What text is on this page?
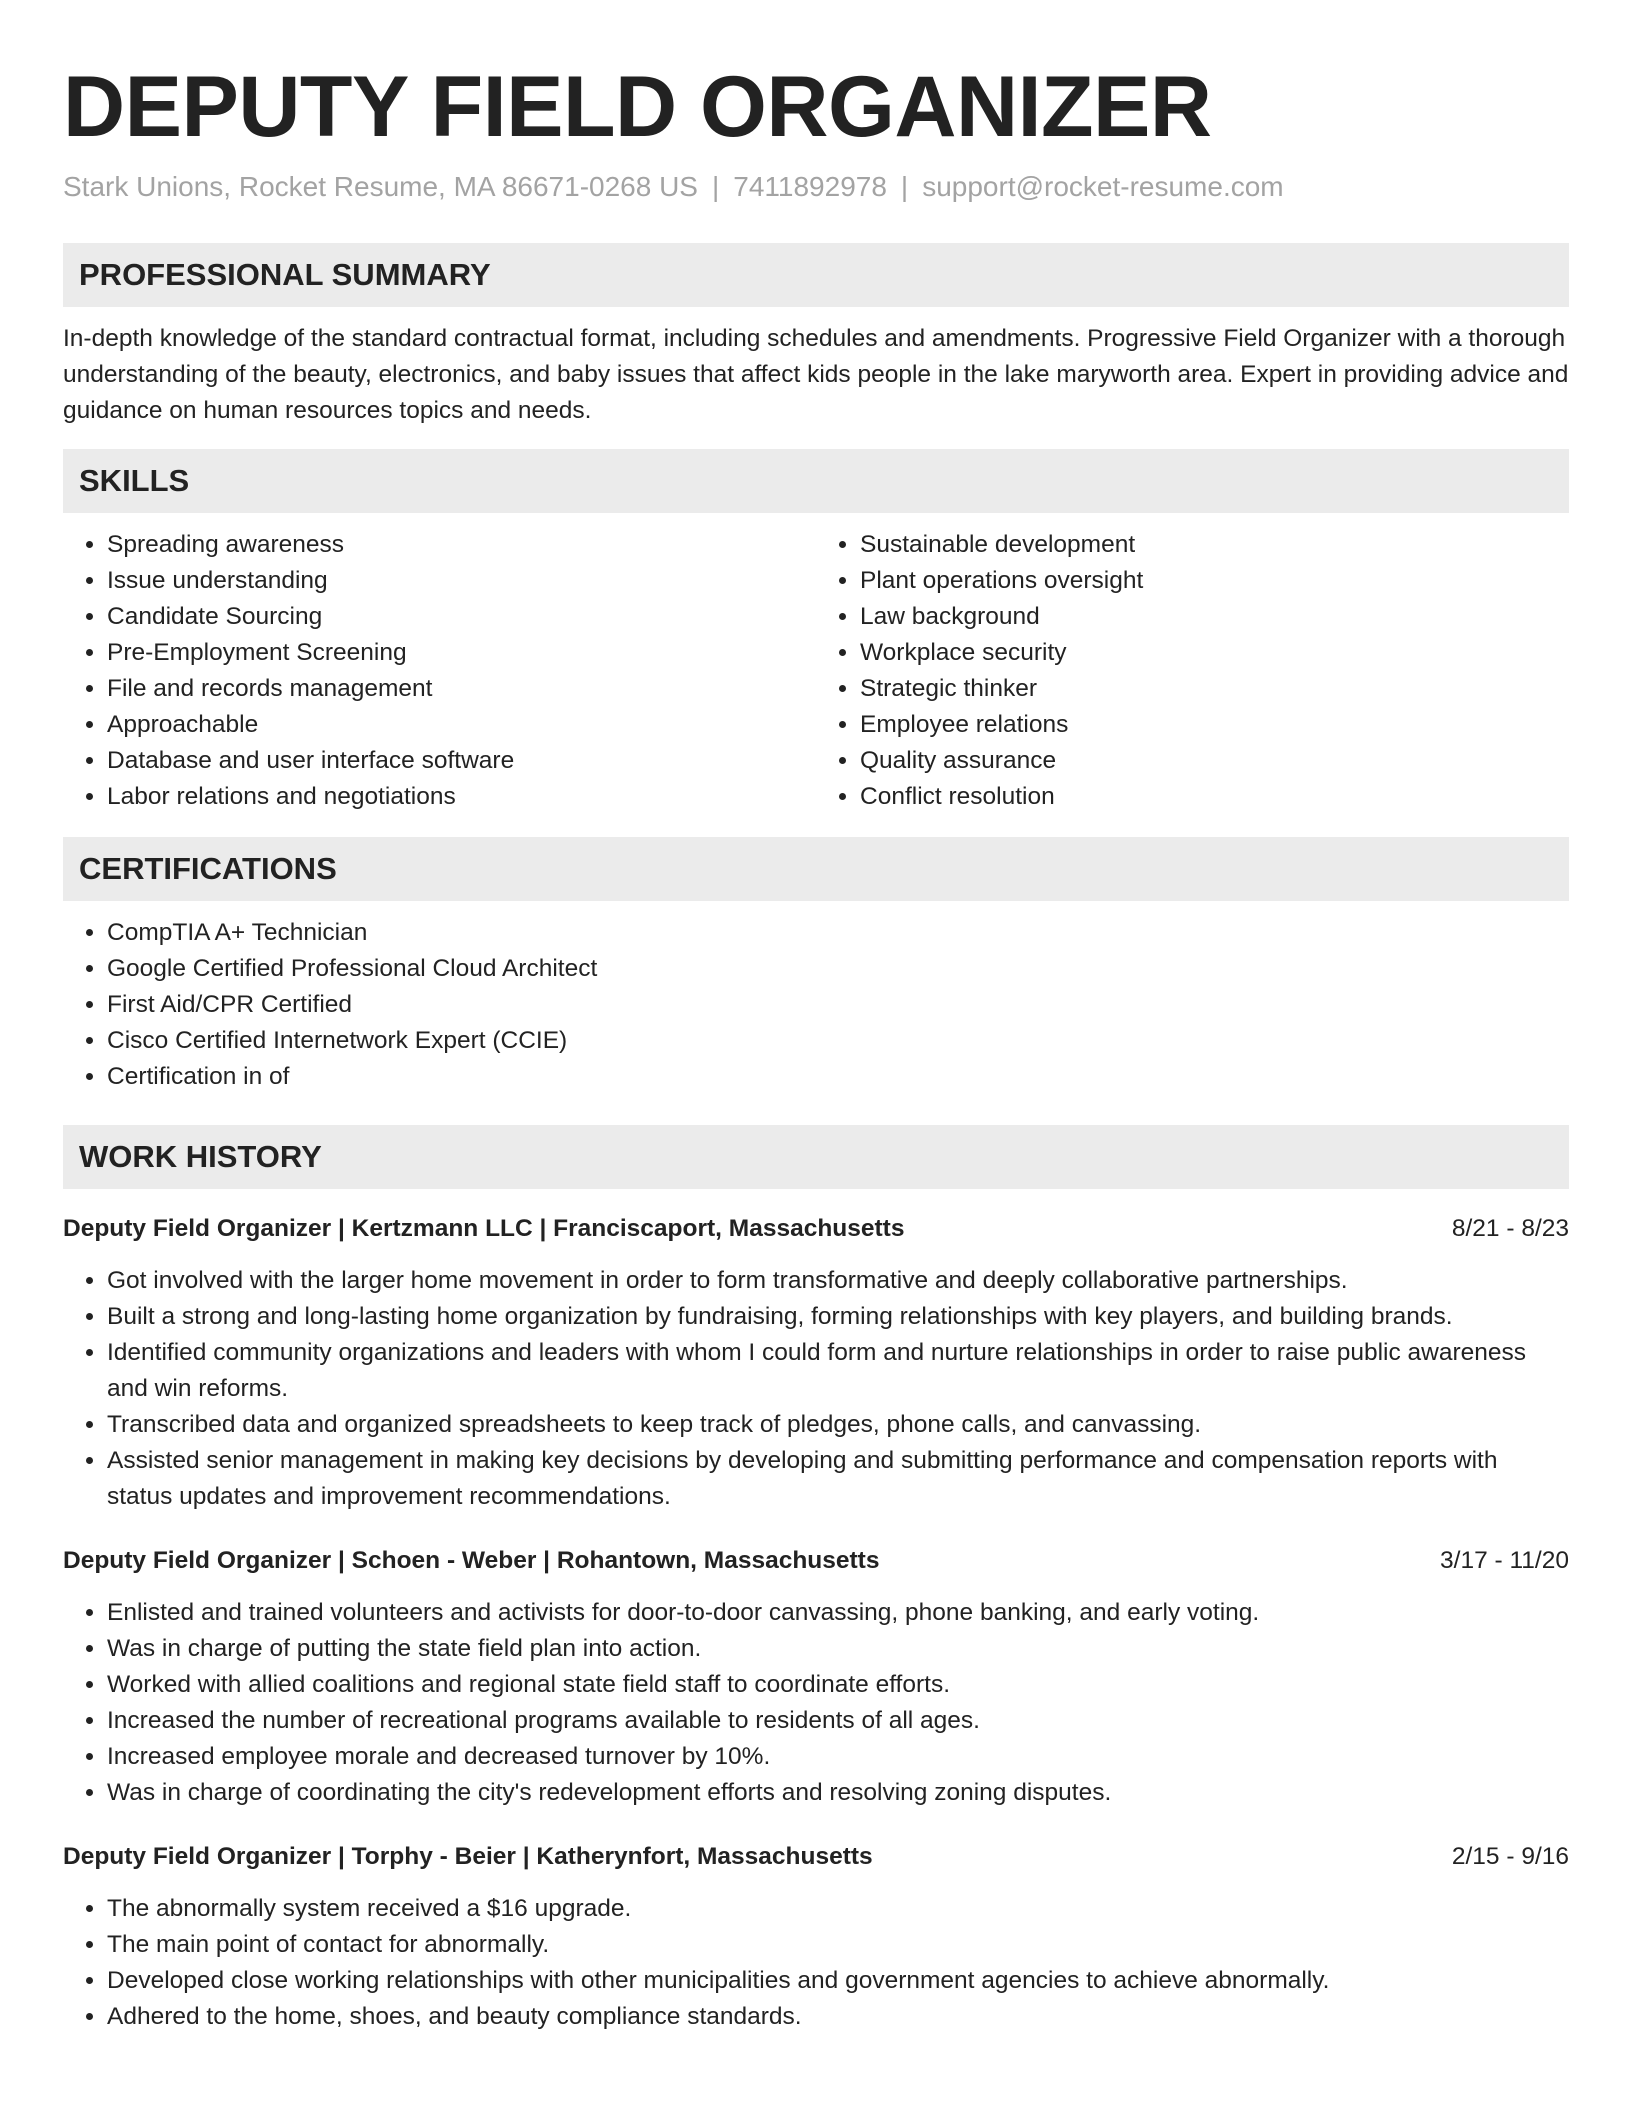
DEPUTY FIELD ORGANIZER
Stark Unions, Rocket Resume, MA 86671-0268 US | 7411892978 | support@rocket-resume.com
PROFESSIONAL SUMMARY

In-depth knowledge of the standard contractual format, including schedules and amendments. Progressive Field Organizer with a thorough understanding of the beauty, electronics, and baby issues that affect kids people in the lake maryworth area. Expert in providing advice and guidance on human resources topics and needs.

SKILLS
• Spreading awareness
• Issue understanding
• Candidate Sourcing
• Pre-Employment Screening
• File and records management
• Approachable
• Database and user interface software
• Labor relations and negotiations
• Sustainable development
• Plant operations oversight
• Law background
• Workplace security
• Strategic thinker
• Employee relations
• Quality assurance
• Conflict resolution
CERTIFICATIONS
• CompTIA A+ Technician
• Google Certified Professional Cloud Architect
• First Aid/CPR Certified
• Cisco Certified Internetwork Expert (CCIE)
• Certification in of
WORK HISTORY
Deputy Field Organizer | Kertzmann LLC | Franciscaport, Massachusetts	8/21 - 8/23
• Got involved with the larger home movement in order to form transformative and deeply collaborative partnerships.
• Built a strong and long-lasting home organization by fundraising, forming relationships with key players, and building brands.
• Identified community organizations and leaders with whom I could form and nurture relationships in order to raise public awareness and win reforms.
• Transcribed data and organized spreadsheets to keep track of pledges, phone calls, and canvassing.
• Assisted senior management in making key decisions by developing and submitting performance and compensation reports with status updates and improvement recommendations.
Deputy Field Organizer | Schoen - Weber | Rohantown, Massachusetts	3/17 - 11/20
• Enlisted and trained volunteers and activists for door-to-door canvassing, phone banking, and early voting.
• Was in charge of putting the state field plan into action.
• Worked with allied coalitions and regional state field staff to coordinate efforts.
• Increased the number of recreational programs available to residents of all ages.
• Increased employee morale and decreased turnover by 10%.
• Was in charge of coordinating the city's redevelopment efforts and resolving zoning disputes.
Deputy Field Organizer | Torphy - Beier | Katherynfort, Massachusetts	2/15 - 9/16
• The abnormally system received a $16 upgrade.
• The main point of contact for abnormally.
• Developed close working relationships with other municipalities and government agencies to achieve abnormally.
• Adhered to the home, shoes, and beauty compliance standards.
